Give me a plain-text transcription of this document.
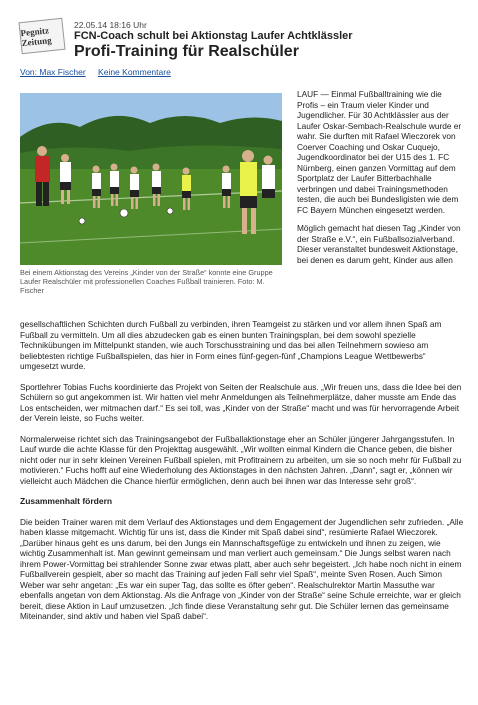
Pegnitz Zeitung
22.05.14 18:16 Uhr
FCN-Coach schult bei Aktionstag Laufer Achtklässler
Profi-Training für Realschüler
Von: Max Fischer Keine Kommentare
Bei einem Aktionstag des Vereins „Kinder von der Straße“ konnte eine Gruppe Laufer Realschüler mit professionellen Coaches Fußball trainieren. Foto: M. Fischer

LAUF — Einmal Fußballtraining wie die Profis – ein Traum vieler Kinder und Jugendlicher. Für 30 Achtklässler aus der Laufer Oskar-Sembach-Realschule wurde er wahr. Sie durften mit Rafael Wieczorek von Coerver Coaching und Oskar Cuquejo, Jugendkoordinator bei der U15 des 1. FC Nürnberg, einen ganzen Vormittag auf dem Sportplatz der Laufer Bitterbachhalle verbringen und dabei Trainingsmethoden testen, die auch bei Bundesligisten wie dem FC Bayern München eingesetzt werden.

Möglich gemacht hat diesen Tag „Kinder von der Straße e.V.“, ein Fußballsozialverband. Dieser veranstaltet bundesweit Aktionstage, bei denen es darum geht, Kinder aus allen

gesellschaftlichen Schichten durch Fußball zu verbinden, ihren Teamgeist zu stärken und vor allem ihnen Spaß am Fußball zu vermitteln. Um all dies abzudecken gab es einen bunten Trainingsplan, bei dem sowohl spezielle Technikübungen im Mittelpunkt standen, wie auch Torschusstraining und das bei allen Teilnehmern sowieso am beliebtesten richtige Fußballspielen, das hier in Form eines fünf-gegen-fünf „Champions League Wettbewerbs“ umgesetzt wurde.

Sportlehrer Tobias Fuchs koordinierte das Projekt von Seiten der Realschule aus. „Wir freuen uns, dass die Idee bei den Schülern so gut angekommen ist. Wir hatten viel mehr Anmeldungen als Teilnehmerplätze, daher musste am Ende das Los entscheiden, wer mitmachen darf.“ Es sei toll, was „Kinder von der Straße“ macht und was für hervorragende Arbeit der Verein leiste, so Fuchs weiter.

Normalerweise richtet sich das Trainingsangebot der Fußballaktionstage eher an Schüler jüngerer Jahrgangsstufen. In Lauf wurde die achte Klasse für den Projekttag ausgewählt. „Wir wollten einmal Kindern die Chance geben, die bisher nicht oder nur in sehr kleinen Vereinen Fußball spielen, mit Profitrainern zu arbeiten, um sie so noch mehr für Fußball zu motivieren.“ Fuchs hofft auf eine Wiederholung des Aktionstages in den nächsten Jahren. „Dann“, sagt er, „können wir vielleicht auch Mädchen die Chance hierfür ermöglichen, denn auch bei ihnen war das Interesse sehr groß“.

Zusammenhalt fördern

Die beiden Trainer waren mit dem Verlauf des Aktionstages und dem Engagement der Jugendlichen sehr zufrieden. „Alle haben klasse mitgemacht. Wichtig für uns ist, dass die Kinder mit Spaß dabei sind“, resümierte Rafael Wieczorek. „Darüber hinaus geht es uns darum, bei den Jungs ein Mannschaftsgefüge zu entwickeln und ihnen zu zeigen, wie wichtig Zusammenhalt ist. Man gewinnt gemeinsam und man verliert auch gemeinsam.“ Die Jungs selbst waren nach ihrem Power-Vormittag bei strahlender Sonne zwar etwas platt, aber auch sehr begeistert. „Ich habe noch nicht in einem Fußballverein gespielt, aber so macht das Training auf jeden Fall sehr viel Spaß“, meinte Sven Rosen. Auch Simon Weber war sehr angetan: „Es war ein super Tag, das sollte es öfter geben“. Realschulrektor Martin Massuthe war ebenfalls angetan von dem Aktionstag. Als die Anfrage von „Kinder von der Straße“ seine Schule erreichte, war er gleich bereit, diese Aktion in Lauf umzusetzen. „Ich finde diese Veranstaltung sehr gut. Die Schüler lernen das gemeinsame Miteinander, sind aktiv und haben viel Spaß dabei“.
